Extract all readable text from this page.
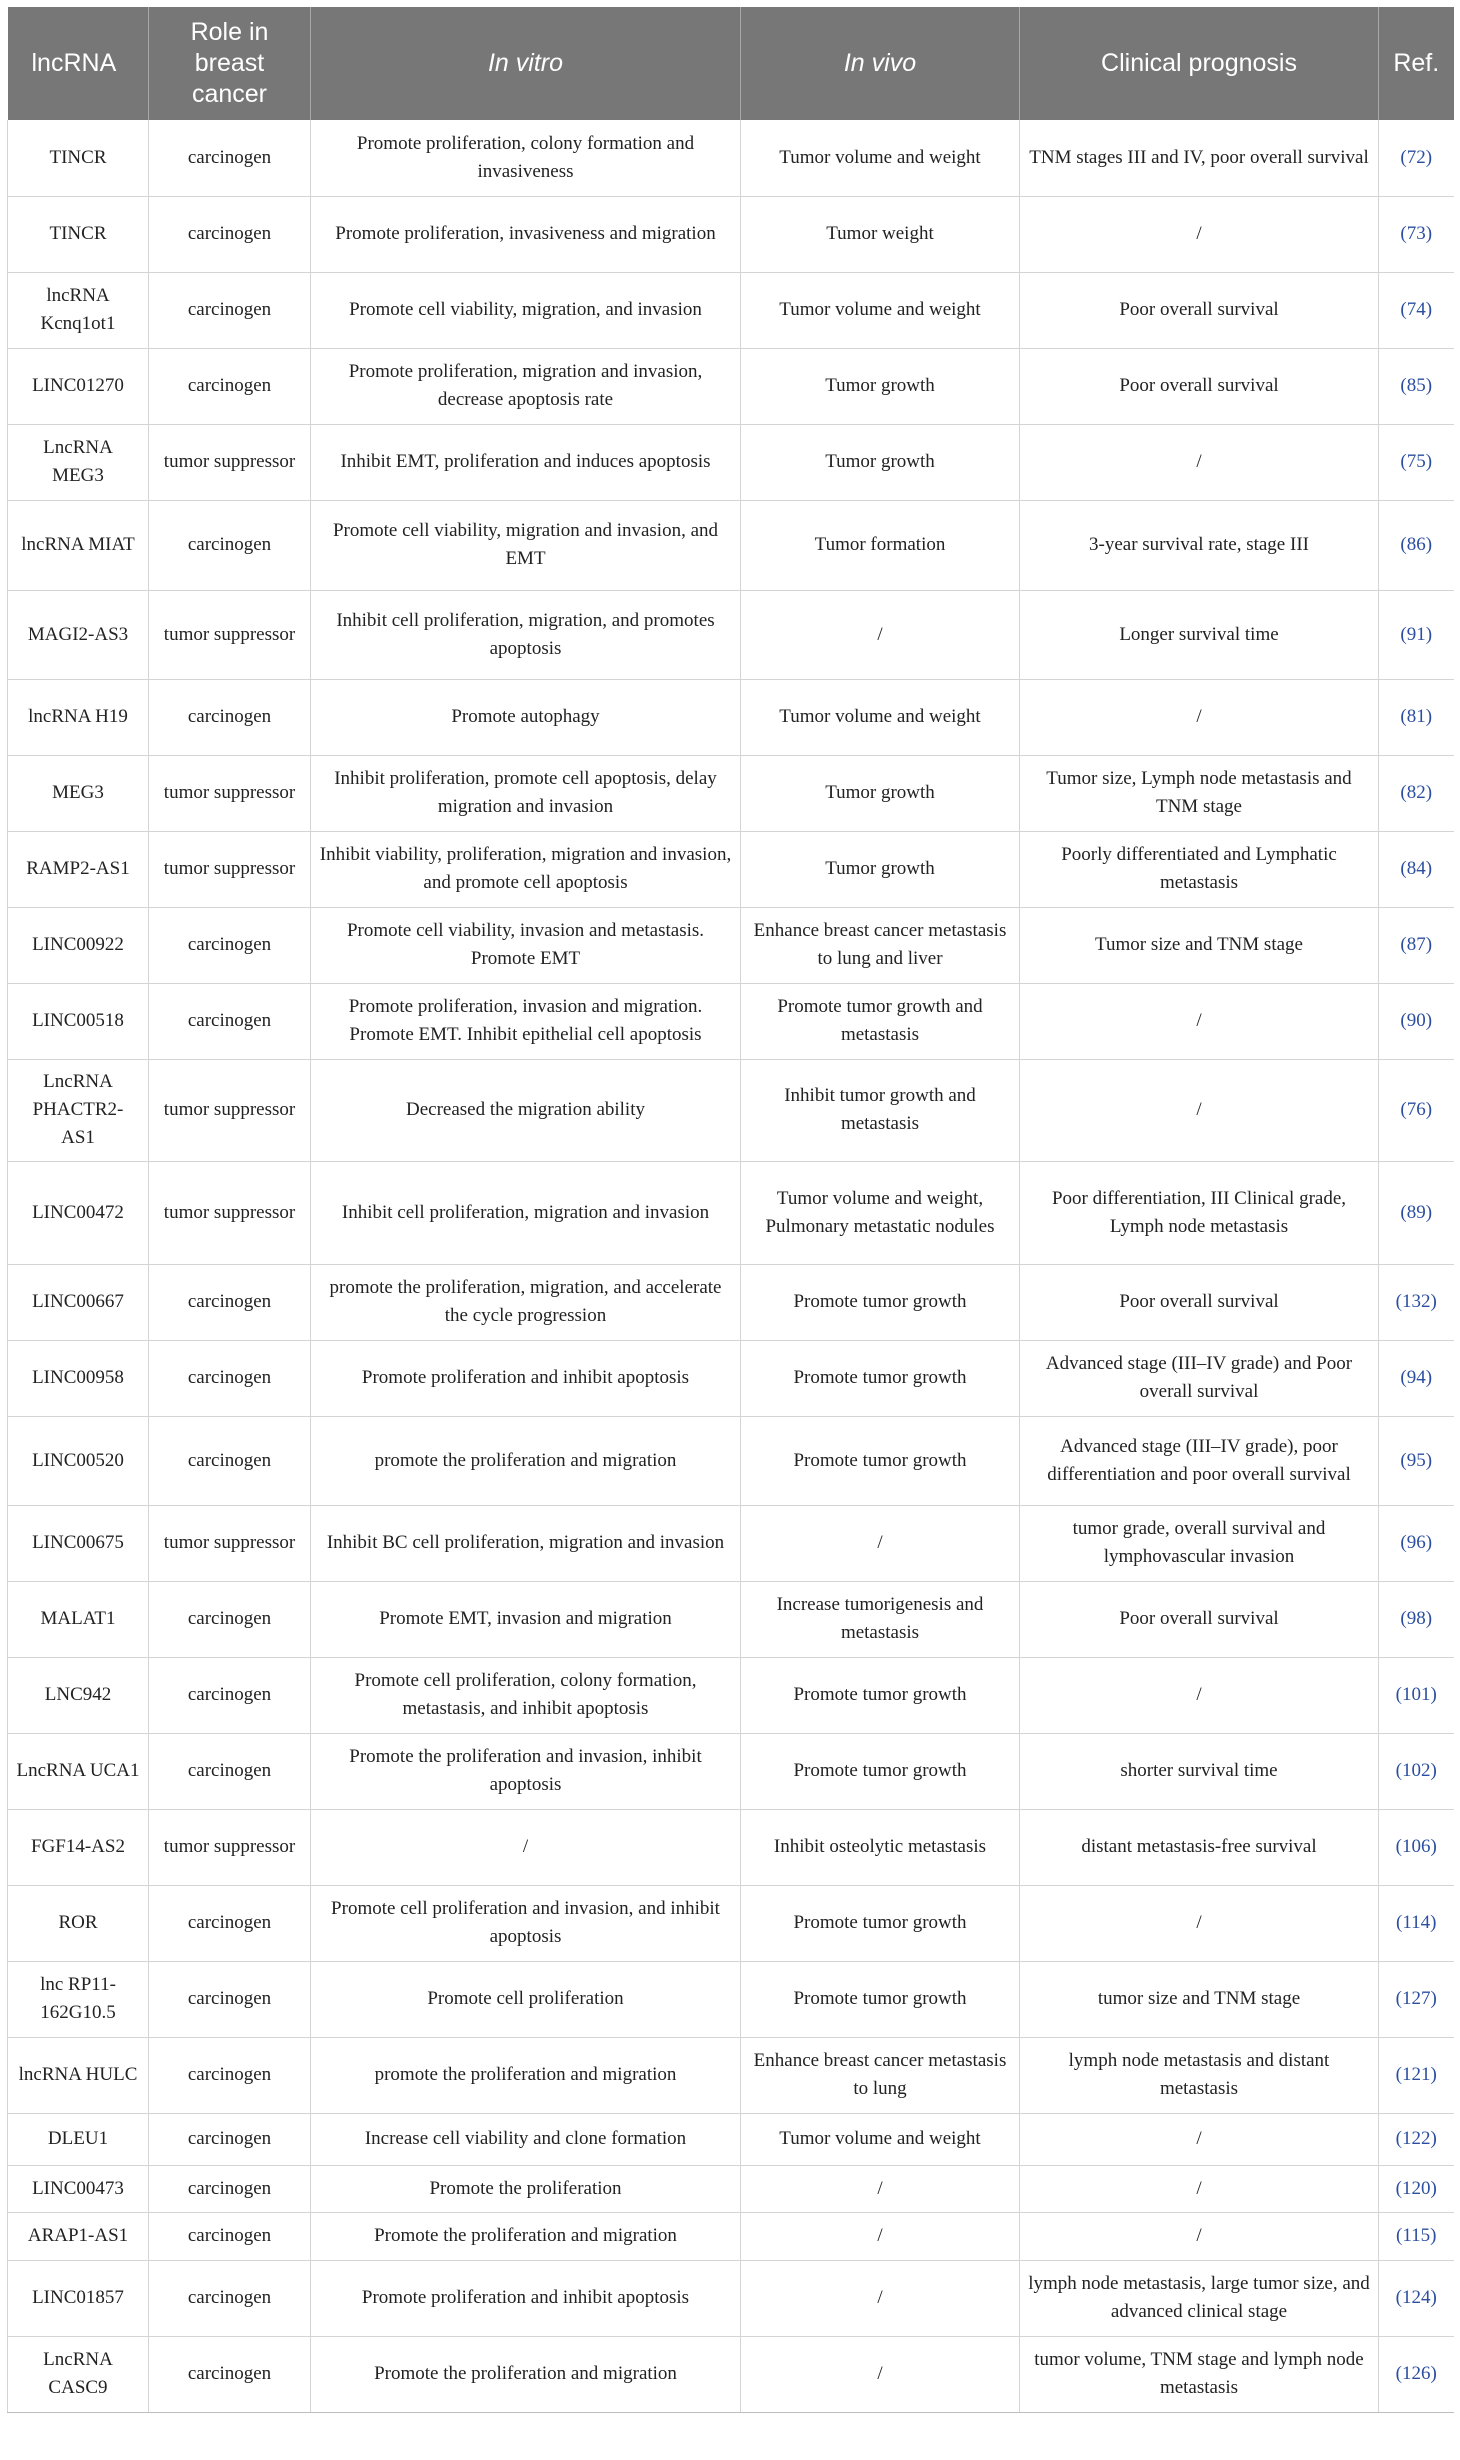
lncRNA	Role in breast cancer	In vitro	In vivo	Clinical prognosis	Ref.
TINCR	carcinogen	Promote proliferation, colony formation and invasiveness	Tumor volume and weight	TNM stages III and IV, poor overall survival	(72)
TINCR	carcinogen	Promote proliferation, invasiveness and migration	Tumor weight	/	(73)
lncRNA Kcnq1ot1	carcinogen	Promote cell viability, migration, and invasion	Tumor volume and weight	Poor overall survival	(74)
LINC01270	carcinogen	Promote proliferation, migration and invasion, decrease apoptosis rate	Tumor growth	Poor overall survival	(85)
LncRNA MEG3	tumor suppressor	Inhibit EMT, proliferation and induces apoptosis	Tumor growth	/	(75)
lncRNA MIAT	carcinogen	Promote cell viability, migration and invasion, and EMT	Tumor formation	3-year survival rate, stage III	(86)
MAGI2-AS3	tumor suppressor	Inhibit cell proliferation, migration, and promotes apoptosis	/	Longer survival time	(91)
lncRNA H19	carcinogen	Promote autophagy	Tumor volume and weight	/	(81)
MEG3	tumor suppressor	Inhibit proliferation, promote cell apoptosis, delay migration and invasion	Tumor growth	Tumor size, Lymph node metastasis and TNM stage	(82)
RAMP2-AS1	tumor suppressor	Inhibit viability, proliferation, migration and invasion, and promote cell apoptosis	Tumor growth	Poorly differentiated and Lymphatic metastasis	(84)
LINC00922	carcinogen	Promote cell viability, invasion and metastasis. Promote EMT	Enhance breast cancer metastasis to lung and liver	Tumor size and TNM stage	(87)
LINC00518	carcinogen	Promote proliferation, invasion and migration. Promote EMT. Inhibit epithelial cell apoptosis	Promote tumor growth and metastasis	/	(90)
LncRNA PHACTR2-AS1	tumor suppressor	Decreased the migration ability	Inhibit tumor growth and metastasis	/	(76)
LINC00472	tumor suppressor	Inhibit cell proliferation, migration and invasion	Tumor volume and weight, Pulmonary metastatic nodules	Poor differentiation, III Clinical grade, Lymph node metastasis	(89)
LINC00667	carcinogen	promote the proliferation, migration, and accelerate the cycle progression	Promote tumor growth	Poor overall survival	(132)
LINC00958	carcinogen	Promote proliferation and inhibit apoptosis	Promote tumor growth	Advanced stage (III–IV grade) and Poor overall survival	(94)
LINC00520	carcinogen	promote the proliferation and migration	Promote tumor growth	Advanced stage (III–IV grade), poor differentiation and poor overall survival	(95)
LINC00675	tumor suppressor	Inhibit BC cell proliferation, migration and invasion	/	tumor grade, overall survival and lymphovascular invasion	(96)
MALAT1	carcinogen	Promote EMT, invasion and migration	Increase tumorigenesis and metastasis	Poor overall survival	(98)
LNC942	carcinogen	Promote cell proliferation, colony formation, metastasis, and inhibit apoptosis	Promote tumor growth	/	(101)
LncRNA UCA1	carcinogen	Promote the proliferation and invasion, inhibit apoptosis	Promote tumor growth	shorter survival time	(102)
FGF14-AS2	tumor suppressor	/	Inhibit osteolytic metastasis	distant metastasis-free survival	(106)
ROR	carcinogen	Promote cell proliferation and invasion, and inhibit apoptosis	Promote tumor growth	/	(114)
lnc RP11-162G10.5	carcinogen	Promote cell proliferation	Promote tumor growth	tumor size and TNM stage	(127)
lncRNA HULC	carcinogen	promote the proliferation and migration	Enhance breast cancer metastasis to lung	lymph node metastasis and distant metastasis	(121)
DLEU1	carcinogen	Increase cell viability and clone formation	Tumor volume and weight	/	(122)
LINC00473	carcinogen	Promote the proliferation	/	/	(120)
ARAP1-AS1	carcinogen	Promote the proliferation and migration	/	/	(115)
LINC01857	carcinogen	Promote proliferation and inhibit apoptosis	/	lymph node metastasis, large tumor size, and advanced clinical stage	(124)
LncRNA CASC9	carcinogen	Promote the proliferation and migration	/	tumor volume, TNM stage and lymph node metastasis	(126)
